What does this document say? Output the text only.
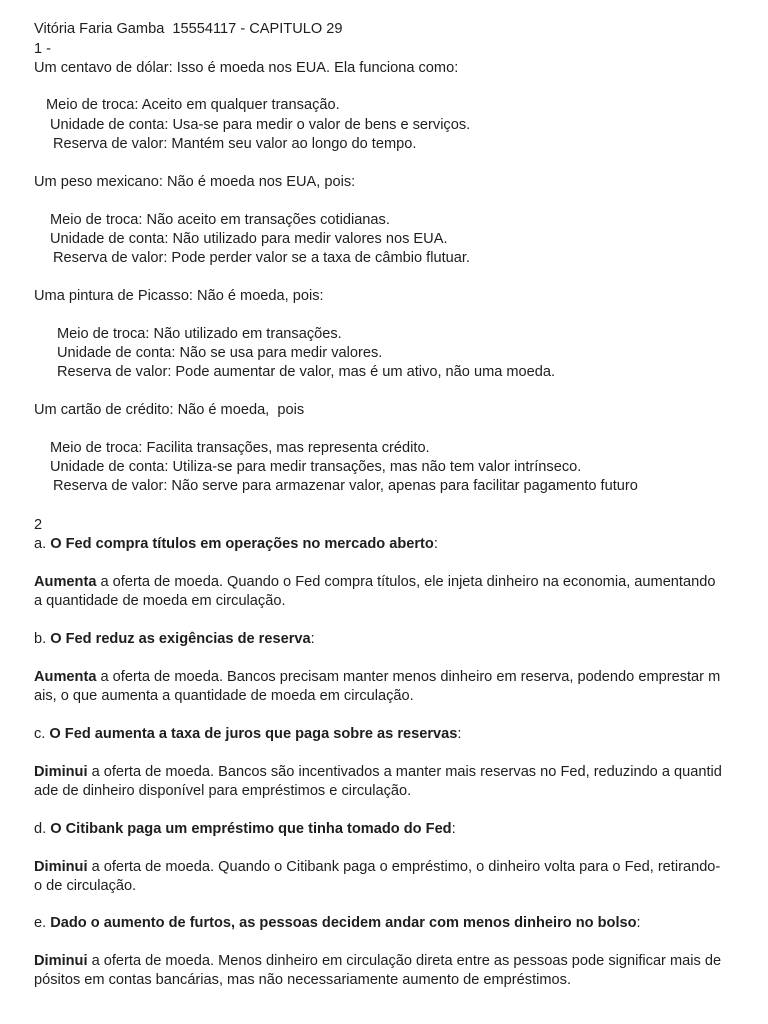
Vitória Faria Gamba  15554117 - CAPITULO 29
1 -
Um centavo de dólar: Isso é moeda nos EUA. Ela funciona como:
Meio de troca: Aceito em qualquer transação.
Unidade de conta: Usa-se para medir o valor de bens e serviços.
Reserva de valor: Mantém seu valor ao longo do tempo.
Um peso mexicano: Não é moeda nos EUA, pois:
Meio de troca: Não aceito em transações cotidianas.
Unidade de conta: Não utilizado para medir valores nos EUA.
Reserva de valor: Pode perder valor se a taxa de câmbio flutuar.
Uma pintura de Picasso: Não é moeda, pois:
Meio de troca: Não utilizado em transações.
Unidade de conta: Não se usa para medir valores.
Reserva de valor: Pode aumentar de valor, mas é um ativo, não uma moeda.
Um cartão de crédito: Não é moeda,  pois
Meio de troca: Facilita transações, mas representa crédito.
Unidade de conta: Utiliza-se para medir transações, mas não tem valor intrínseco.
Reserva de valor: Não serve para armazenar valor, apenas para facilitar pagamento futuro
2
a. O Fed compra títulos em operações no mercado aberto:
Aumenta a oferta de moeda. Quando o Fed compra títulos, ele injeta dinheiro na economia, aumentando
a quantidade de moeda em circulação.
b. O Fed reduz as exigências de reserva:
Aumenta a oferta de moeda. Bancos precisam manter menos dinheiro em reserva, podendo emprestar m
ais, o que aumenta a quantidade de moeda em circulação.
c. O Fed aumenta a taxa de juros que paga sobre as reservas:
Diminui a oferta de moeda. Bancos são incentivados a manter mais reservas no Fed, reduzindo a quantid
ade de dinheiro disponível para empréstimos e circulação.
d. O Citibank paga um empréstimo que tinha tomado do Fed:
Diminui a oferta de moeda. Quando o Citibank paga o empréstimo, o dinheiro volta para o Fed, retirando-
o de circulação.
e. Dado o aumento de furtos, as pessoas decidem andar com menos dinheiro no bolso:
Diminui a oferta de moeda. Menos dinheiro em circulação direta entre as pessoas pode significar mais de
pósitos em contas bancárias, mas não necessariamente aumento de empréstimos.
